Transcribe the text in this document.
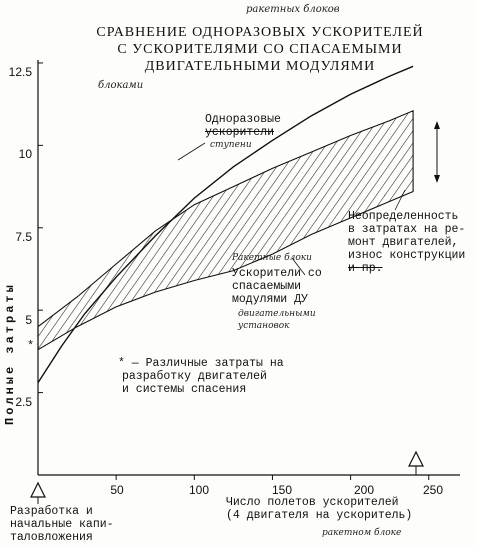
СРАВНЕНИЕ ОДНОРАЗОВЫХ УСКОРИТЕЛЕЙ
С УСКОРИТЕЛЯМИ СО СПАСАЕМЫМИ
ДВИГАТЕЛЬНЫМИ МОДУЛЯМИ
ракетных блоков
блоками
Полные затраты
12.5
10
7.5
5
2.5
50	100	150	200	250
Одноразовые
ускорители
ступени
Неопределенность
в затратах на ре-
монт двигателей,
износ конструкции
и пр.
Ракетные блоки
Ускорители со
спасаемыми
модулями ДУ
двигательными
установок
*
* — Различные затраты на
разработку двигателей
и системы спасения
Разработка и
начальные капи-
таловложения
Число полетов ускорителей
(4 двигателя на ускоритель)
ракетном блоке
